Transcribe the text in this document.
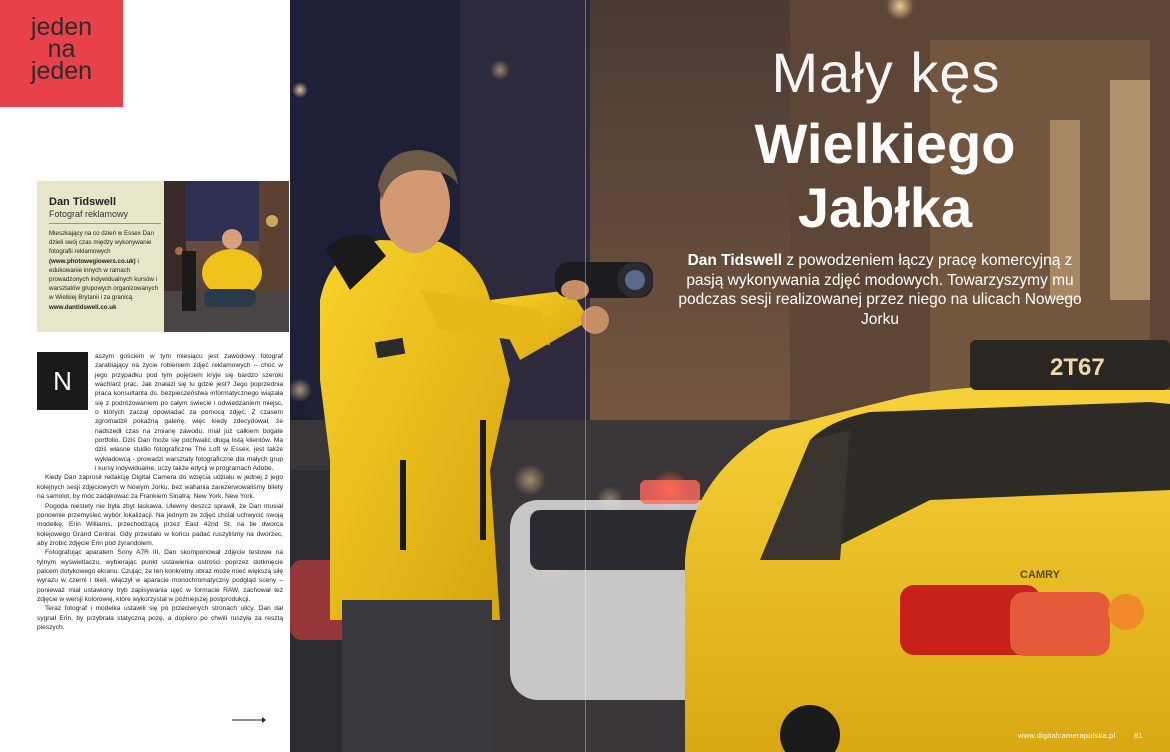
jeden
na
jeden
Dan Tidswell
Fotograf reklamowy
Mieszkający na co dzień w Essex Dan dzieli swój czas między wykonywanie fotografii reklamowych (www.photowegiowers.co.uk) i edukowanie innych w ramach prowadzonych indywidualnych kursów i warsztatów grupowych organizowanych w Wielkiej Brytanii i za granicą. www.dantidswell.co.uk
N
aszym gościem w tym miesiącu jest zawodowy fotograf zarabiający na życie robieniem zdjęć reklamowych – choć w jego przypadku pod tym pojęciem kryje się bardzo szeroki wachlarz prac. Jak znalazł się tu gdzie jest? Jego poprzednia praca konsultanta ds. bezpieczeństwa informatycznego wiązała się z podróżowaniem po całym świecie i odwiedzaniem miejsc, o których zaczął opowiadać za pomocą zdjęć. Z czasem zgromadził pokaźną galerię, więc kiedy zdecydował, że nadszedł czas na zmianę zawodu, miał już całkiem bogate portfolio. Dziś Dan może się pochwalić długą listą klientów. Ma dziś własne studio fotograficzne The Loft w Essex, jest także wykładowcą - prowadzi warsztaty fotograficzne dla małych grup i kursy indywidualne, uczy także edycji w programach Adobe.
Kiedy Dan zaprosił redakcję Digital Camera do wzięcia udziału w jednej z jego kolejnych sesji zdjęciowych w Nowym Jorku, bez wahania zarezerwowaliśmy bilety na samolot, by móc zadąkować za Frankiem Sinatrą: New York, New York.
Pogoda niestety nie była zbyt łaskawa. Ulewny deszcz sprawił, że Dan musiał ponownie przemyśleć wybór lokalizacji. Na jednym ze zdjęć chciał uchwycić swoją modelkę, Erin Williams, przechodzącą przez East 42nd St. na tle dworca kolejowego Grand Central. Gdy przestało w końcu padać ruszyliśmy na dworzec, aby zrobić zdjęcie Erin pod żyrandolem.
Fotografując aparatem Sony A7R III, Dan skomponował zdjęcie testowe na tylnym wyświetlaczu, wybierając punkt ustawienia ostrości poprzez dotknięcie palcem dotykowego ekranu. Czując, że ten konkretny obraz może mieć większą siłę wyrazu w czerni i bieli, włączył w aparacie monochromatyczny podgląd sceny – ponieważ miał ustawiony tryb zapisywania ujęć w formacie RAW, zachował też zdjęcie w wersji kolorowej, które wykorzystał w późniejszej postprodukcji.
Teraz fotograf i modelka ustawili się po przeciwnych stronach ulicy. Dan dał sygnał Erin, by przybrała statyczną pozę, a dopiero po chwili ruszyła za resztą pieszych.
2T67
CAMRY
Mały kęs
Wielkiego
Jabłka
Dan Tidswell z powodzeniem łączy pracę komercyjną z pasją wykonywania zdjęć modowych. Towarzyszymy mu podczas sesji realizowanej przez niego na ulicach Nowego Jorku
www.digitalcamerapolska.pl 81
